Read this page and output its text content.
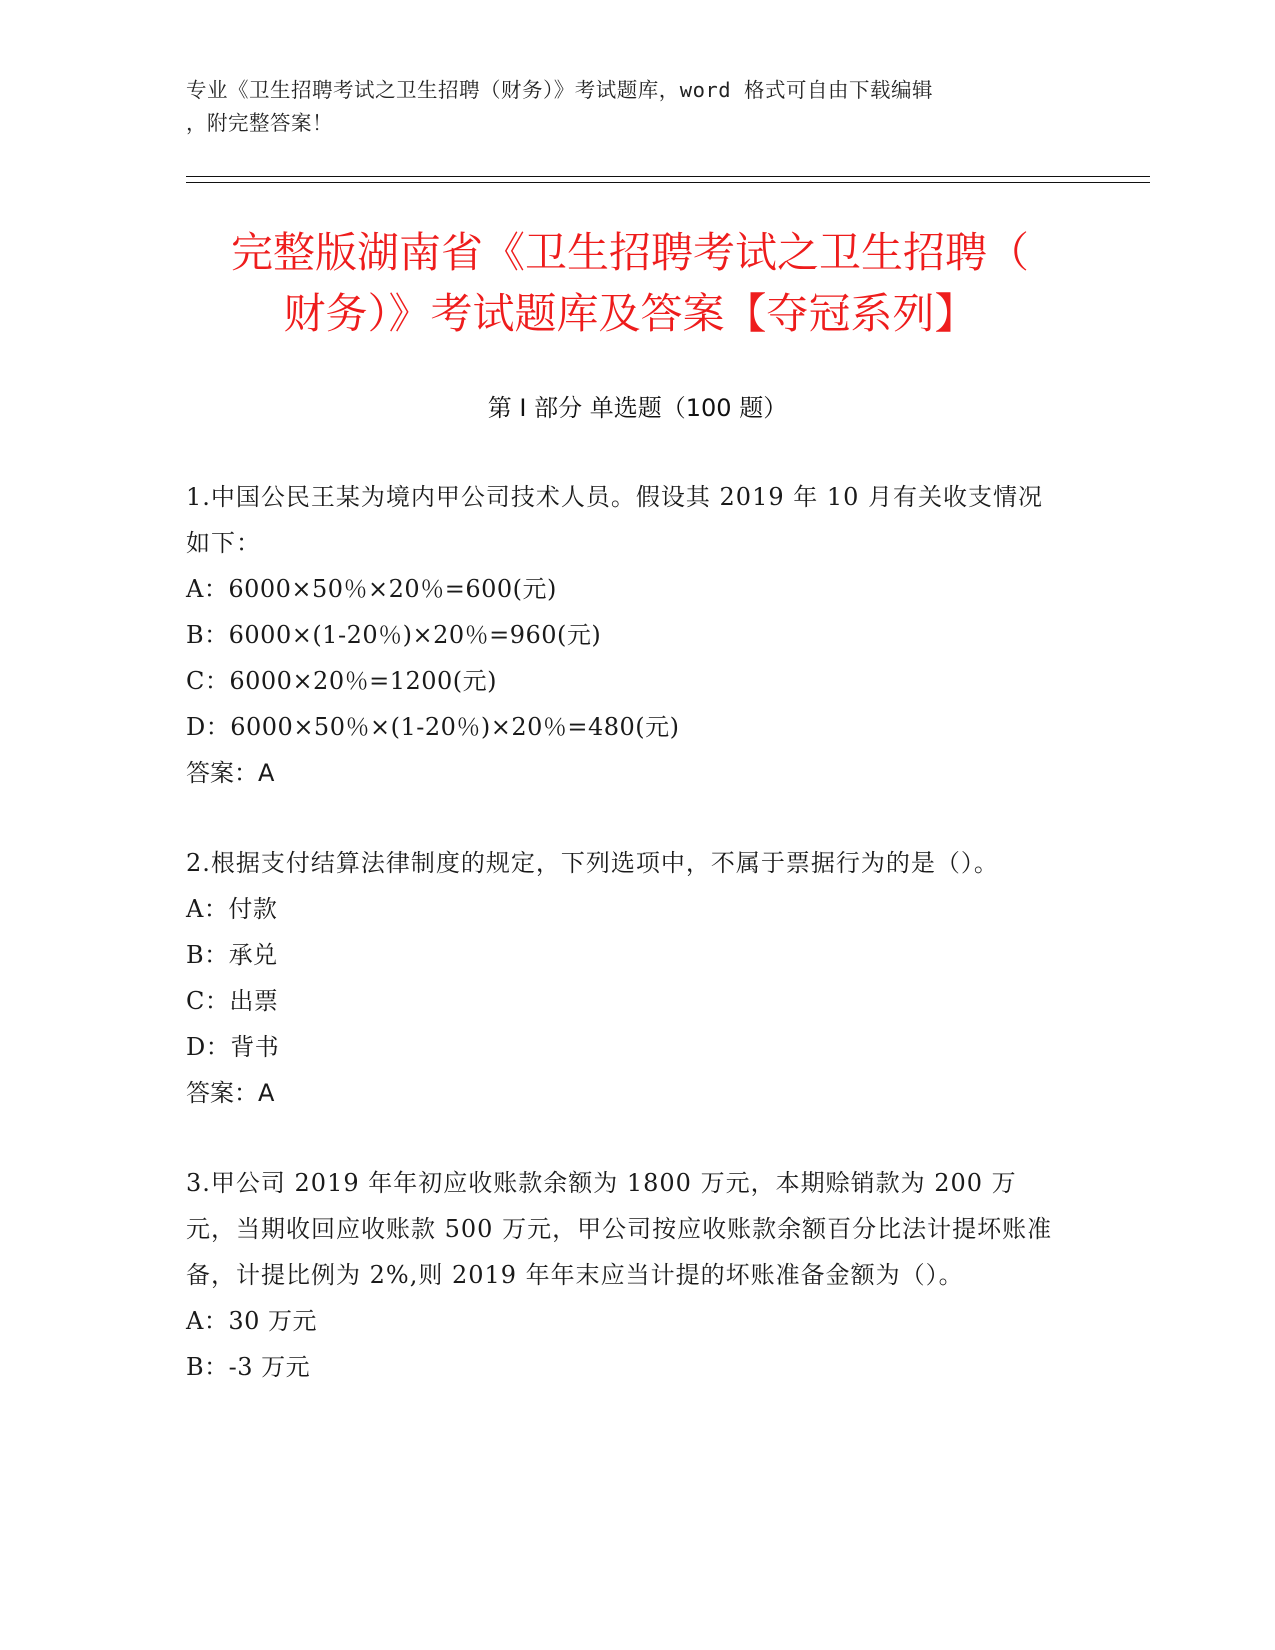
专业《卫生招聘考试之卫生招聘（财务）》考试题库，word 格式可自由下载编辑
，附完整答案！
完整版湖南省《卫生招聘考试之卫生招聘（
财务）》考试题库及答案【夺冠系列】
第 I 部分 单选题（100 题）

1.中国公民王某为境内甲公司技术人员。假设其 2019 年 10 月有关收支情况如下：

A：6000×50％×20％=600(元)

B：6000×(1-20％)×20％=960(元)

C：6000×20％=1200(元)

D：6000×50％×(1-20％)×20％=480(元)

答案：A

2.根据支付结算法律制度的规定，下列选项中，不属于票据行为的是（）。

A：付款

B：承兑

C：出票

D：背书

答案：A

3.甲公司 2019 年年初应收账款余额为 1800 万元，本期赊销款为 200 万元，当期收回应收账款 500 万元，甲公司按应收账款余额百分比法计提坏账准备，计提比例为 2%,则 2019 年年末应当计提的坏账准备金额为（）。

A：30 万元

B：-3 万元
